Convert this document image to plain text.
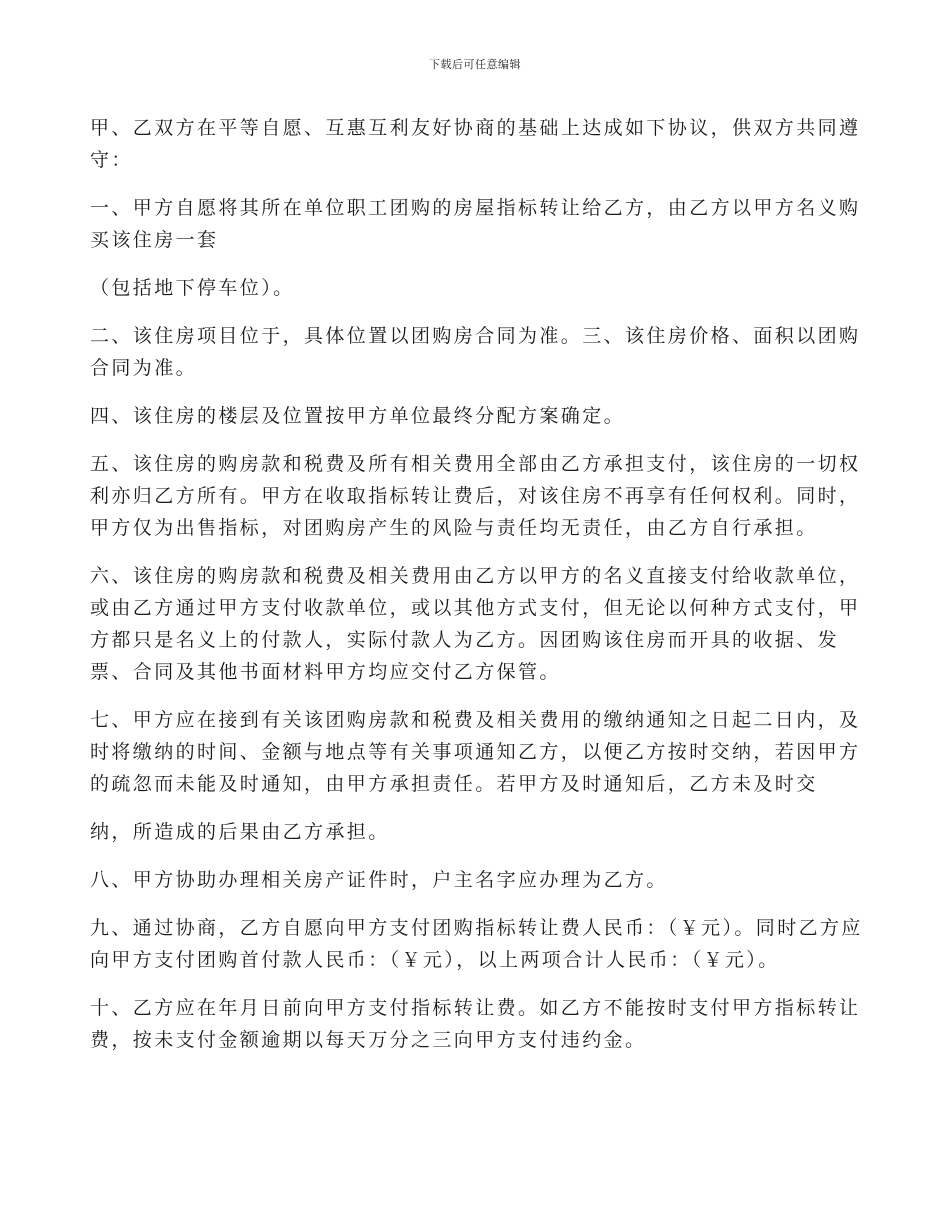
下载后可任意编辑

甲、乙双方在平等自愿、互惠互利友好协商的基础上达成如下协议，供双方共同遵守：

一、甲方自愿将其所在单位职工团购的房屋指标转让给乙方，由乙方以甲方名义购买该住房一套

（包括地下停车位）。

二、该住房项目位于，具体位置以团购房合同为准。三、该住房价格、面积以团购合同为准。

四、该住房的楼层及位置按甲方单位最终分配方案确定。

五、该住房的购房款和税费及所有相关费用全部由乙方承担支付，该住房的一切权利亦归乙方所有。甲方在收取指标转让费后，对该住房不再享有任何权利。同时，甲方仅为出售指标，对团购房产生的风险与责任均无责任，由乙方自行承担。

六、该住房的购房款和税费及相关费用由乙方以甲方的名义直接支付给收款单位，或由乙方通过甲方支付收款单位，或以其他方式支付，但无论以何种方式支付，甲方都只是名义上的付款人，实际付款人为乙方。因团购该住房而开具的收据、发票、合同及其他书面材料甲方均应交付乙方保管。

七、甲方应在接到有关该团购房款和税费及相关费用的缴纳通知之日起二日内，及时将缴纳的时间、金额与地点等有关事项通知乙方，以便乙方按时交纳，若因甲方的疏忽而未能及时通知，由甲方承担责任。若甲方及时通知后，乙方未及时交

纳，所造成的后果由乙方承担。

八、甲方协助办理相关房产证件时，户主名字应办理为乙方。

九、通过协商，乙方自愿向甲方支付团购指标转让费人民币：（￥元）。同时乙方应向甲方支付团购首付款人民币：（￥元），以上两项合计人民币：（￥元）。

十、乙方应在年月日前向甲方支付指标转让费。如乙方不能按时支付甲方指标转让费，按未支付金额逾期以每天万分之三向甲方支付违约金。
